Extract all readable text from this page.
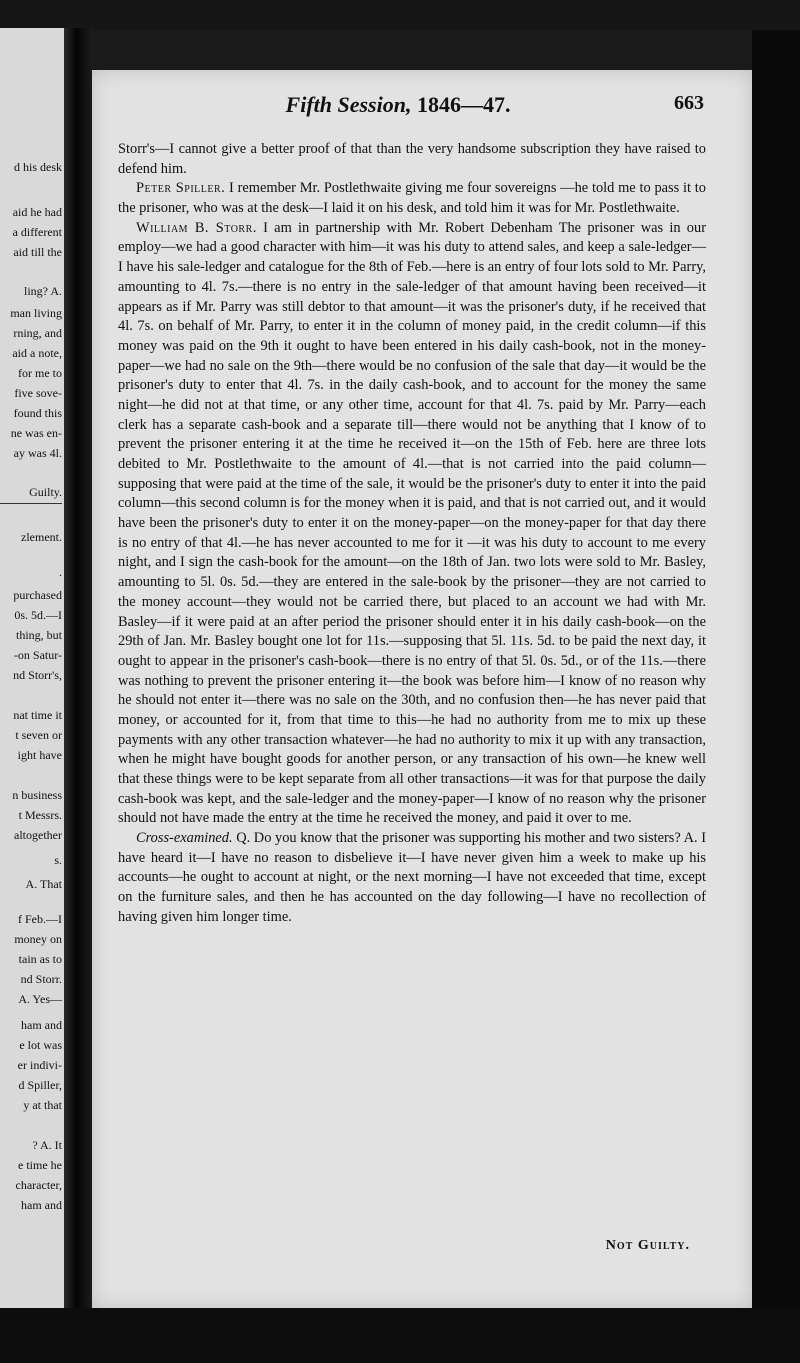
d his desk
aid he had
a different
aid till the
ling? A.
man living
rning, and
aid a note,
for me to
five sove-
found this
ne was en-
ay was 4l.
Guilty.
zlement.
.
purchased
0s. 5d.—I
thing, but
-on Satur-
nd Storr's,
nat time it
t seven or
ight have
n business
t Messrs.
altogether
s.
A. That
f Feb.—I
money on
tain as to
nd Storr.
A. Yes—
ham and
e lot was
er indivi-
d Spiller,
y at that
? A. It
e time he
character,
ham and
Fifth Session, 1846—47.	663

Storr's—I cannot give a better proof of that than the very handsome subscription they have raised to defend him.

Peter Spiller. I remember Mr. Postlethwaite giving me four sovereigns —he told me to pass it to the prisoner, who was at the desk—I laid it on his desk, and told him it was for Mr. Postlethwaite.

William B. Storr. I am in partnership with Mr. Robert Debenham The prisoner was in our employ—we had a good character with him—it was his duty to attend sales, and keep a sale-ledger—I have his sale-ledger and catalogue for the 8th of Feb.—here is an entry of four lots sold to Mr. Parry, amounting to 4l. 7s.—there is no entry in the sale-ledger of that amount having been received—it appears as if Mr. Parry was still debtor to that amount—it was the prisoner's duty, if he received that 4l. 7s. on behalf of Mr. Parry, to enter it in the column of money paid, in the credit column—if this money was paid on the 9th it ought to have been entered in his daily cash-book, not in the money-paper—we had no sale on the 9th—there would be no confusion of the sale that day—it would be the prisoner's duty to enter that 4l. 7s. in the daily cash-book, and to account for the money the same night—he did not at that time, or any other time, account for that 4l. 7s. paid by Mr. Parry—each clerk has a separate cash-book and a separate till—there would not be anything that I know of to prevent the prisoner entering it at the time he received it—on the 15th of Feb. here are three lots debited to Mr. Postlethwaite to the amount of 4l.—that is not carried into the paid column—supposing that were paid at the time of the sale, it would be the prisoner's duty to enter it into the paid column—this second column is for the money when it is paid, and that is not carried out, and it would have been the prisoner's duty to enter it on the money-paper—on the money-paper for that day there is no entry of that 4l.—he has never accounted to me for it —it was his duty to account to me every night, and I sign the cash-book for the amount—on the 18th of Jan. two lots were sold to Mr. Basley, amounting to 5l. 0s. 5d.—they are entered in the sale-book by the prisoner—they are not carried to the money account—they would not be carried there, but placed to an account we had with Mr. Basley—if it were paid at an after period the prisoner should enter it in his daily cash-book—on the 29th of Jan. Mr. Basley bought one lot for 11s.—supposing that 5l. 11s. 5d. to be paid the next day, it ought to appear in the prisoner's cash-book—there is no entry of that 5l. 0s. 5d., or of the 11s.—there was nothing to prevent the prisoner entering it—the book was before him—I know of no reason why he should not enter it—there was no sale on the 30th, and no confusion then—he has never paid that money, or accounted for it, from that time to this—he had no authority from me to mix up these payments with any other transaction whatever—he had no authority to mix it up with any transaction, when he might have bought goods for another person, or any transaction of his own—he knew well that these things were to be kept separate from all other transactions—it was for that purpose the daily cash-book was kept, and the sale-ledger and the money-paper—I know of no reason why the prisoner should not have made the entry at the time he received the money, and paid it over to me.

Cross-examined. Q. Do you know that the prisoner was supporting his mother and two sisters? A. I have heard it—I have no reason to disbelieve it—I have never given him a week to make up his accounts—he ought to account at night, or the next morning—I have not exceeded that time, except on the furniture sales, and then he has accounted on the day following—I have no recollection of having given him longer time.

Not Guilty.
